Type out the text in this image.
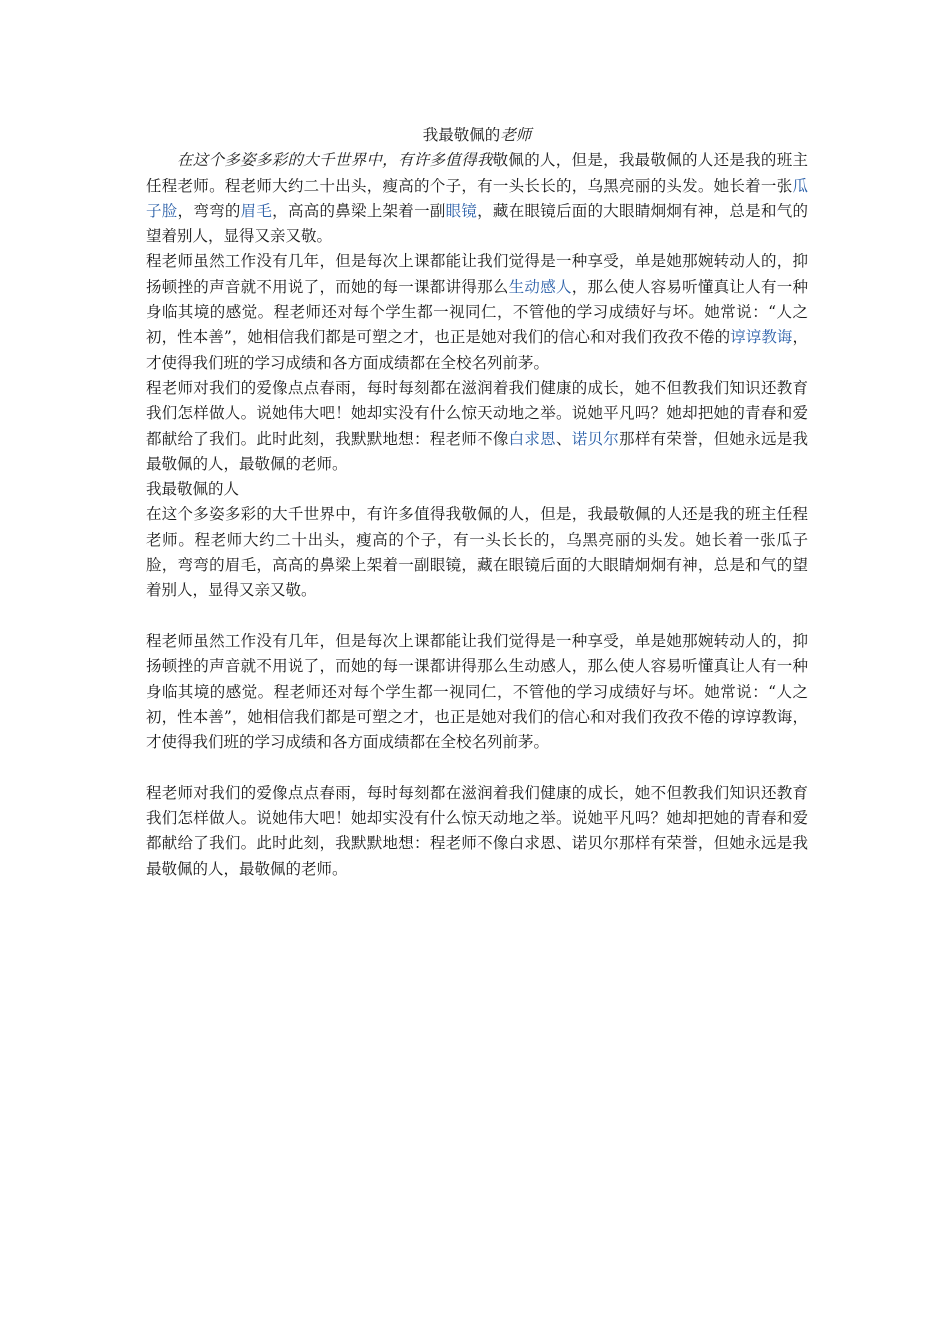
我最敬佩的老师

在这个多姿多彩的大千世界中，有许多值得我敬佩的人，但是，我最敬佩的人还是我的班主任程老师。程老师大约二十出头，瘦高的个子，有一头长长的，乌黑亮丽的头发。她长着一张瓜子脸，弯弯的眉毛，高高的鼻梁上架着一副眼镜，藏在眼镜后面的大眼睛炯炯有神，总是和气的望着别人，显得又亲又敬。

程老师虽然工作没有几年，但是每次上课都能让我们觉得是一种享受，单是她那婉转动人的，抑扬顿挫的声音就不用说了，而她的每一课都讲得那么生动感人，那么使人容易听懂真让人有一种身临其境的感觉。程老师还对每个学生都一视同仁，不管他的学习成绩好与坏。她常说：“人之初，性本善”，她相信我们都是可塑之才，也正是她对我们的信心和对我们孜孜不倦的谆谆教诲，才使得我们班的学习成绩和各方面成绩都在全校名列前茅。

程老师对我们的爱像点点春雨，每时每刻都在滋润着我们健康的成长，她不但教我们知识还教育我们怎样做人。说她伟大吧！她却实没有什么惊天动地之举。说她平凡吗？她却把她的青春和爱都献给了我们。此时此刻，我默默地想：程老师不像白求恩、诺贝尔那样有荣誉，但她永远是我最敬佩的人，最敬佩的老师。

我最敬佩的人

在这个多姿多彩的大千世界中，有许多值得我敬佩的人，但是，我最敬佩的人还是我的班主任程老师。程老师大约二十出头，瘦高的个子，有一头长长的，乌黑亮丽的头发。她长着一张瓜子脸，弯弯的眉毛，高高的鼻梁上架着一副眼镜，藏在眼镜后面的大眼睛炯炯有神，总是和气的望着别人，显得又亲又敬。

程老师虽然工作没有几年，但是每次上课都能让我们觉得是一种享受，单是她那婉转动人的，抑扬顿挫的声音就不用说了，而她的每一课都讲得那么生动感人，那么使人容易听懂真让人有一种身临其境的感觉。程老师还对每个学生都一视同仁，不管他的学习成绩好与坏。她常说：“人之初，性本善”，她相信我们都是可塑之才，也正是她对我们的信心和对我们孜孜不倦的谆谆教诲，才使得我们班的学习成绩和各方面成绩都在全校名列前茅。

程老师对我们的爱像点点春雨，每时每刻都在滋润着我们健康的成长，她不但教我们知识还教育我们怎样做人。说她伟大吧！她却实没有什么惊天动地之举。说她平凡吗？她却把她的青春和爱都献给了我们。此时此刻，我默默地想：程老师不像白求恩、诺贝尔那样有荣誉，但她永远是我最敬佩的人，最敬佩的老师。
